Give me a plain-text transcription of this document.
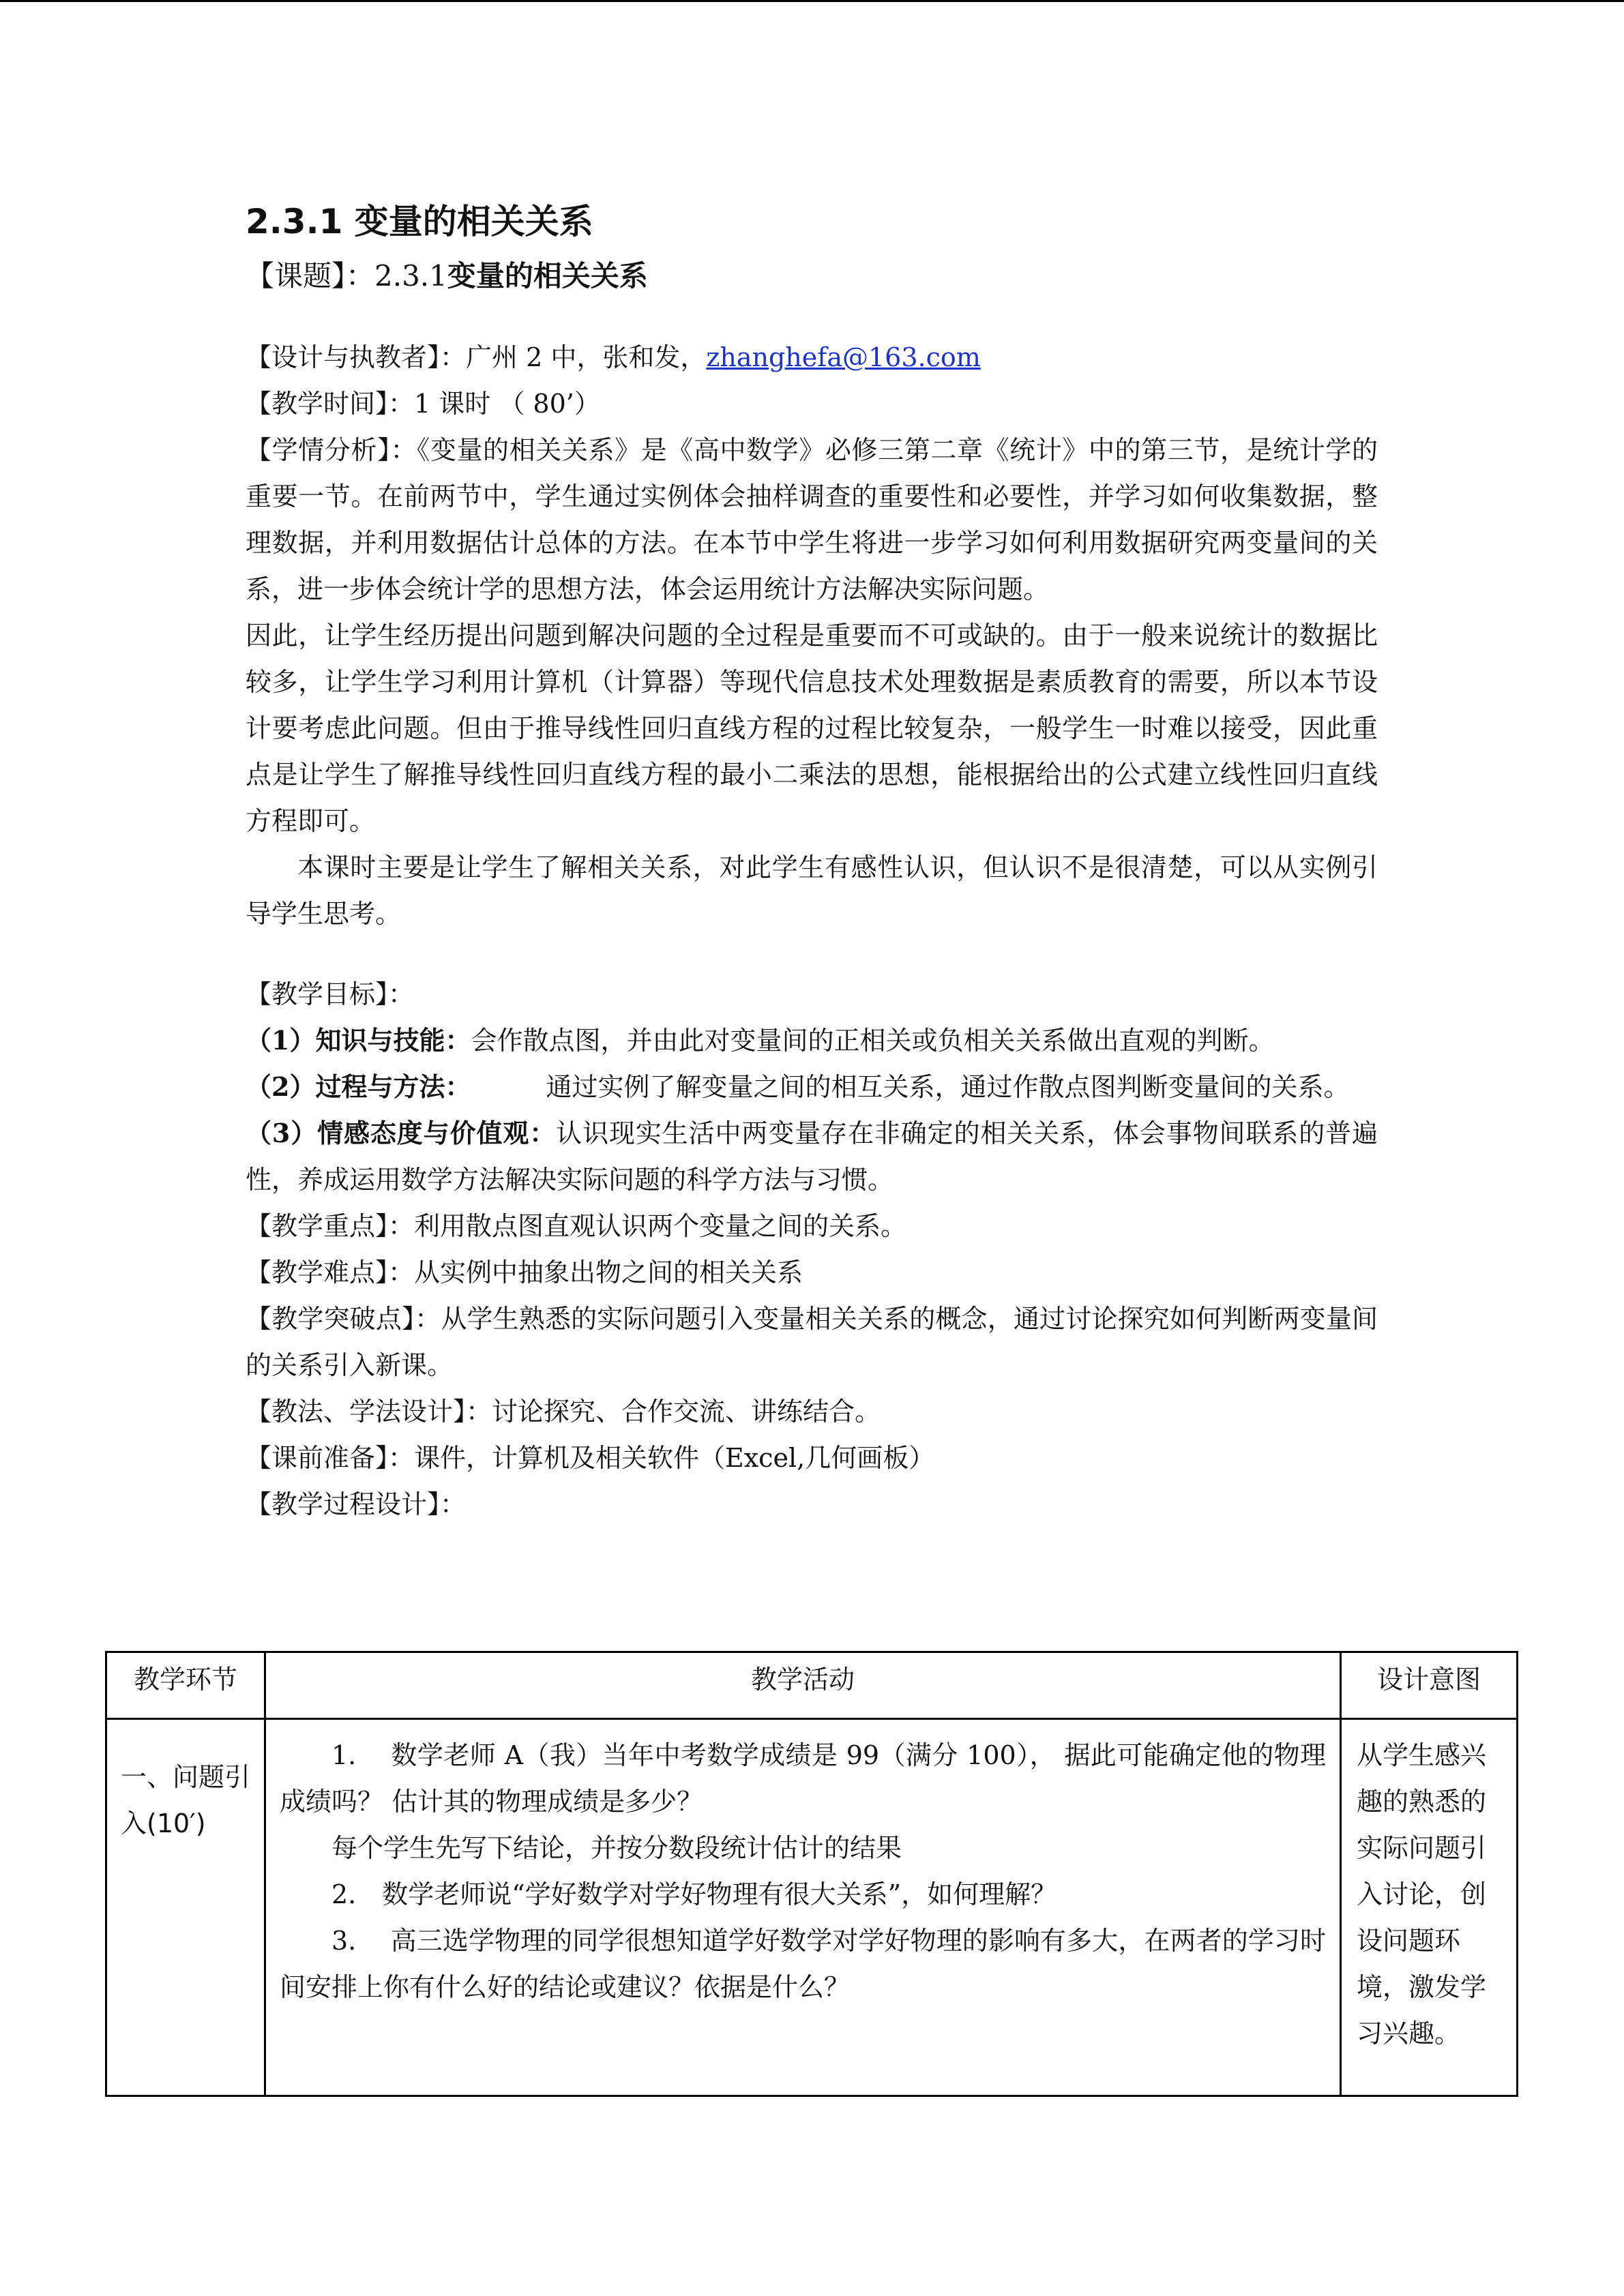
2.3.1 变量的相关关系

【课题】：2.3.1变量的相关关系

【设计与执教者】：广州 2 中，张和发，zhanghefa@163.com

【教学时间】：1 课时 （ 80’）

【学情分析】：《变量的相关关系》是《高中数学》必修三第二章《统计》中的第三节，是统计学的重要一节。在前两节中，学生通过实例体会抽样调查的重要性和必要性，并学习如何收集数据，整理数据，并利用数据估计总体的方法。在本节中学生将进一步学习如何利用数据研究两变量间的关系，进一步体会统计学的思想方法，体会运用统计方法解决实际问题。

因此，让学生经历提出问题到解决问题的全过程是重要而不可或缺的。由于一般来说统计的数据比较多，让学生学习利用计算机（计算器）等现代信息技术处理数据是素质教育的需要，所以本节设计要考虑此问题。但由于推导线性回归直线方程的过程比较复杂，一般学生一时难以接受，因此重点是让学生了解推导线性回归直线方程的最小二乘法的思想，能根据给出的公式建立线性回归直线方程即可。

本课时主要是让学生了解相关关系，对此学生有感性认识，但认识不是很清楚，可以从实例引导学生思考。

【教学目标】：

（1）知识与技能：会作散点图，并由此对变量间的正相关或负相关关系做出直观的判断。

（2）过程与方法：	通过实例了解变量之间的相互关系，通过作散点图判断变量间的关系。

（3）情感态度与价值观：认识现实生活中两变量存在非确定的相关关系，体会事物间联系的普遍性，养成运用数学方法解决实际问题的科学方法与习惯。

【教学重点】：利用散点图直观认识两个变量之间的关系。

【教学难点】：从实例中抽象出物之间的相关关系

【教学突破点】：从学生熟悉的实际问题引入变量相关关系的概念，通过讨论探究如何判断两变量间的关系引入新课。

【教法、学法设计】：讨论探究、合作交流、讲练结合。

【课前准备】：课件，计算机及相关软件（Excel,几何画板）

【教学过程设计】：

教学环节	教学活动	设计意图
一、问题引入(10′)	1.　 数学老师 A（我）当年中考数学成绩是 99（满分 100）， 据此可能确定他的物理成绩吗？ 估计其的物理成绩是多少？

每个学生先写下结论，并按分数段统计估计的结果

2.　数学老师说“学好数学对学好物理有很大关系”，如何理解？

3.　 高三选学物理的同学很想知道学好数学对学好物理的影响有多大，在两者的学习时间安排上你有什么好的结论或建议？依据是什么？	从学生感兴趣的熟悉的实际问题引入讨论，创设问题环境，激发学习兴趣。
